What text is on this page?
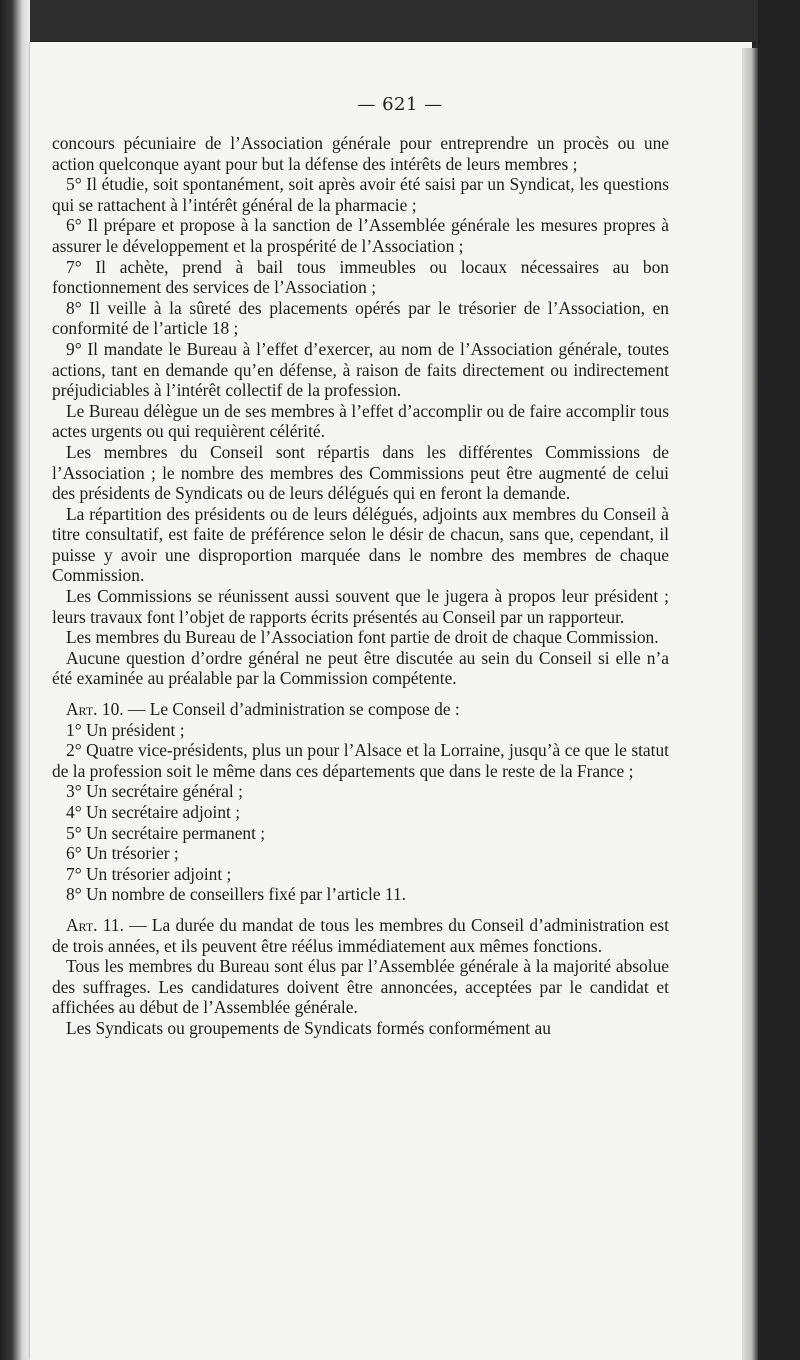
— 621 —

concours pécuniaire de l’Association générale pour entreprendre un procès ou une action quelconque ayant pour but la défense des intérêts de leurs membres ;

5° Il étudie, soit spontanément, soit après avoir été saisi par un Syndicat, les questions qui se rattachent à l’intérêt général de la pharmacie ;

6° Il prépare et propose à la sanction de l’Assemblée générale les mesures propres à assurer le développement et la prospérité de l’Association ;

7° Il achète, prend à bail tous immeubles ou locaux nécessaires au bon fonctionnement des services de l’Association ;

8° Il veille à la sûreté des placements opérés par le trésorier de l’Association, en conformité de l’article 18 ;

9° Il mandate le Bureau à l’effet d’exercer, au nom de l’Association générale, toutes actions, tant en demande qu’en défense, à raison de faits directement ou indirectement préjudiciables à l’intérêt collectif de la profession.

Le Bureau délègue un de ses membres à l’effet d’accomplir ou de faire accomplir tous actes urgents ou qui requièrent célérité.

Les membres du Conseil sont répartis dans les différentes Commissions de l’Association ; le nombre des membres des Commissions peut être augmenté de celui des présidents de Syndicats ou de leurs délégués qui en feront la demande.

La répartition des présidents ou de leurs délégués, adjoints aux membres du Conseil à titre consultatif, est faite de préférence selon le désir de chacun, sans que, cependant, il puisse y avoir une disproportion marquée dans le nombre des membres de chaque Commission.

Les Commissions se réunissent aussi souvent que le jugera à propos leur président ; leurs travaux font l’objet de rapports écrits présentés au Conseil par un rapporteur.

Les membres du Bureau de l’Association font partie de droit de chaque Commission.

Aucune question d’ordre général ne peut être discutée au sein du Conseil si elle n’a été examinée au préalable par la Commission compétente.

Art. 10. — Le Conseil d’administration se compose de :

1° Un président ;

2° Quatre vice-présidents, plus un pour l’Alsace et la Lorraine, jusqu’à ce que le statut de la profession soit le même dans ces départements que dans le reste de la France ;

3° Un secrétaire général ;

4° Un secrétaire adjoint ;

5° Un secrétaire permanent ;

6° Un trésorier ;

7° Un trésorier adjoint ;

8° Un nombre de conseillers fixé par l’article 11.

Art. 11. — La durée du mandat de tous les membres du Conseil d’administration est de trois années, et ils peuvent être réélus immédiatement aux mêmes fonctions.

Tous les membres du Bureau sont élus par l’Assemblée générale à la majorité absolue des suffrages. Les candidatures doivent être annoncées, acceptées par le candidat et affichées au début de l’Assemblée générale.

Les Syndicats ou groupements de Syndicats formés conformément au
